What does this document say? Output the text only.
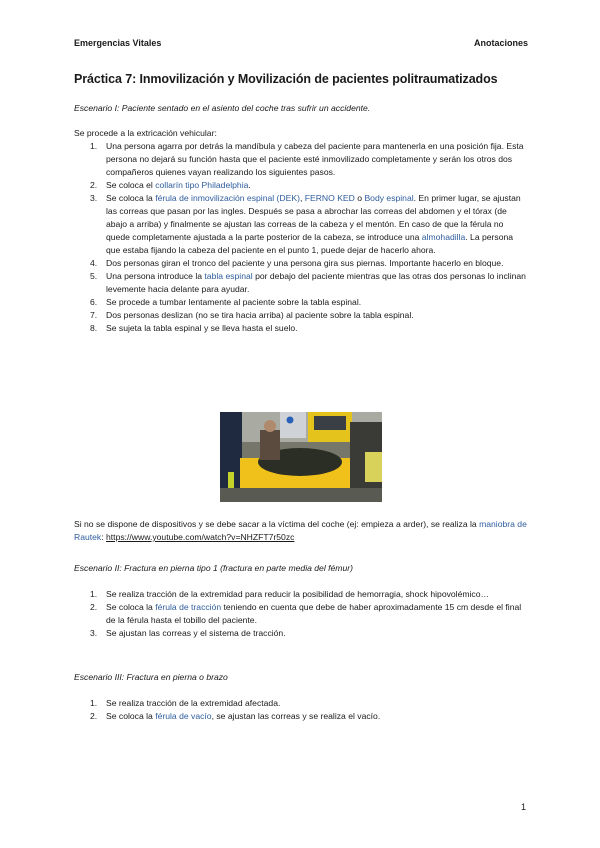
Emergencias Vitales	Anotaciones
Práctica 7: Inmovilización y Movilización de pacientes politraumatizados
Escenario I: Paciente sentado en el asiento del coche tras sufrir un accidente.
Se procede a la extricación vehicular:
1. Una persona agarra por detrás la mandíbula y cabeza del paciente para mantenerla en una posición fija. Esta persona no dejará su función hasta que el paciente esté inmovilizado completamente y serán los otros dos compañeros quienes vayan realizando los siguientes pasos.
2. Se coloca el collarín tipo Philadelphia.
3. Se coloca la férula de inmovilización espinal (DEK), FERNO KED o Body espinal. En primer lugar, se ajustan las correas que pasan por las ingles. Después se pasa a abrochar las correas del abdomen y el tórax (de abajo a arriba) y finalmente se ajustan las correas de la cabeza y el mentón. En caso de que la férula no quede completamente ajustada a la parte posterior de la cabeza, se introduce una almohadilla. La persona que estaba fijando la cabeza del paciente en el punto 1, puede dejar de hacerlo ahora.
4. Dos personas giran el tronco del paciente y una persona gira sus piernas. Importante hacerlo en bloque.
5. Una persona introduce la tabla espinal por debajo del paciente mientras que las otras dos personas lo inclinan levemente hacia delante para ayudar.
6. Se procede a tumbar lentamente al paciente sobre la tabla espinal.
7. Dos personas deslizan (no se tira hacia arriba) al paciente sobre la tabla espinal.
8. Se sujeta la tabla espinal y se lleva hasta el suelo.
Si no se dispone de dispositivos y se debe sacar a la víctima del coche (ej: empieza a arder), se realiza la maniobra de Rautek: https://www.youtube.com/watch?v=NHZFT7r50zc
Escenario II: Fractura en pierna tipo 1 (fractura en parte media del fémur)
1. Se realiza tracción de la extremidad para reducir la posibilidad de hemorragia, shock hipovolémico…
2. Se coloca la férula de tracción teniendo en cuenta que debe de haber aproximadamente 15 cm desde el final de la férula hasta el tobillo del paciente.
3. Se ajustan las correas y el sistema de tracción.
Escenario III: Fractura en pierna o brazo
1. Se realiza tracción de la extremidad afectada.
2. Se coloca la férula de vacío, se ajustan las correas y se realiza el vacío.
1
